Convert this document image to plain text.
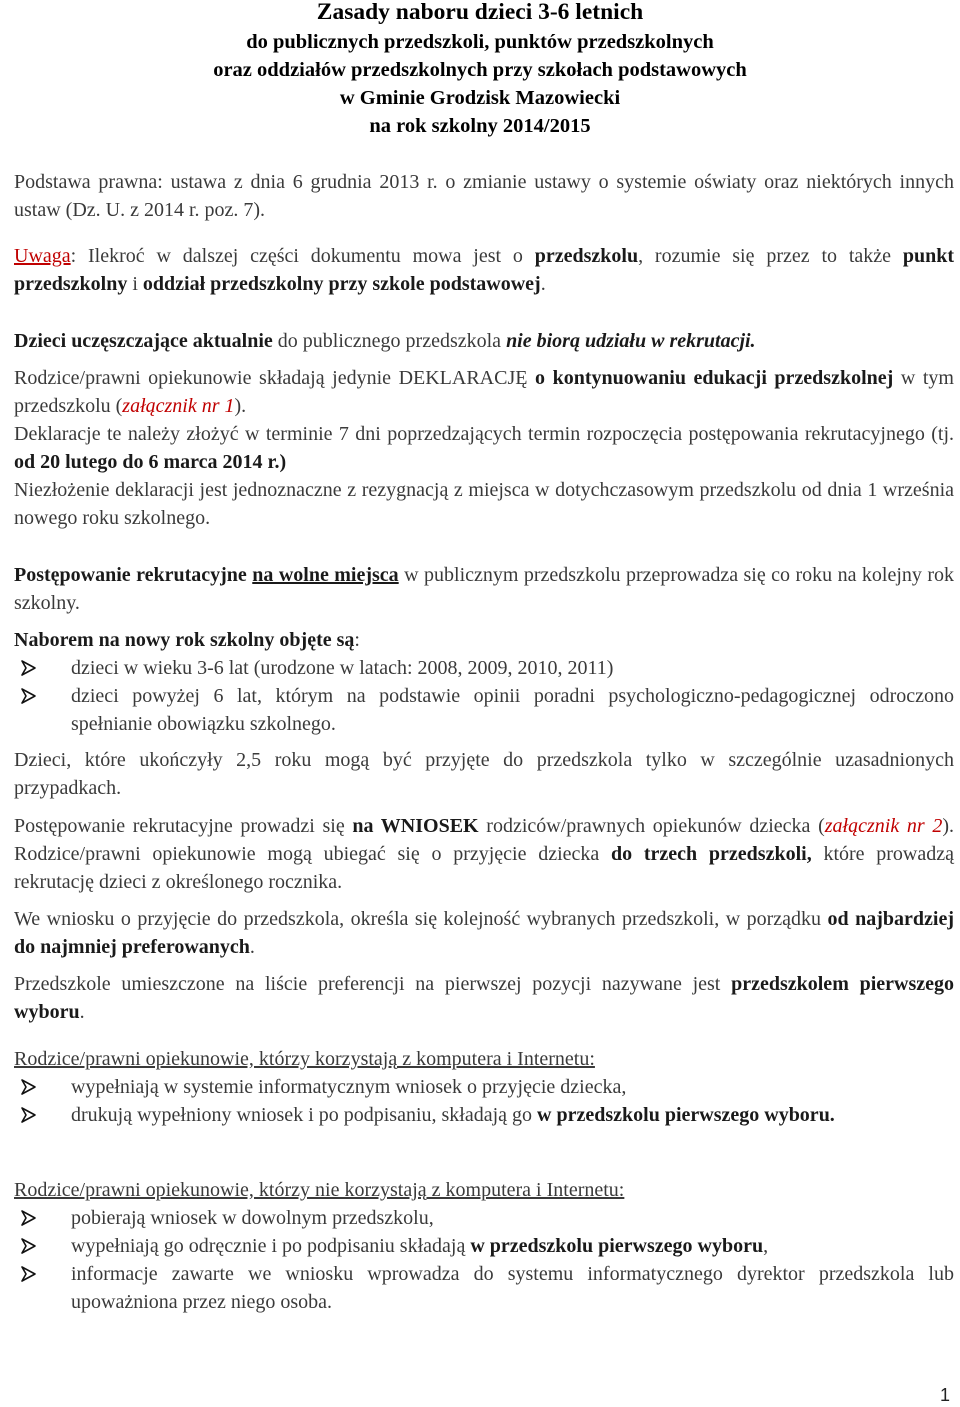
Zasady naboru dzieci 3-6 letnich
do publicznych przedszkoli, punktów przedszkolnych
oraz oddziałów przedszkolnych przy szkołach podstawowych
w Gminie Grodzisk Mazowiecki
na rok szkolny 2014/2015
Podstawa prawna: ustawa z dnia 6 grudnia 2013 r. o zmianie ustawy o systemie oświaty oraz niektórych innych ustaw (Dz. U. z 2014 r. poz. 7).
Uwaga: Ilekroć w dalszej części dokumentu mowa jest o przedszkolu, rozumie się przez to także punkt przedszkolny i oddział przedszkolny przy szkole podstawowej.
Dzieci uczęszczające aktualnie do publicznego przedszkola nie biorą udziału w rekrutacji.
Rodzice/prawni opiekunowie składają jedynie DEKLARACJĘ o kontynuowaniu edukacji przedszkolnej w tym przedszkolu (załącznik nr 1).
Deklaracje te należy złożyć w terminie 7 dni poprzedzających termin rozpoczęcia postępowania rekrutacyjnego (tj. od 20 lutego do 6 marca 2014 r.)
Niezłożenie deklaracji jest jednoznaczne z rezygnacją z miejsca w dotychczasowym przedszkolu od dnia 1 września nowego roku szkolnego.
Postępowanie rekrutacyjne na wolne miejsca w publicznym przedszkolu przeprowadza się co roku na kolejny rok szkolny.
Naborem na nowy rok szkolny objęte są:
dzieci w wieku 3-6 lat (urodzone w latach: 2008, 2009, 2010, 2011)
dzieci powyżej 6 lat, którym na podstawie opinii poradni psychologiczno-pedagogicznej odroczono spełnianie obowiązku szkolnego.
Dzieci, które ukończyły 2,5 roku mogą być przyjęte do przedszkola tylko w szczególnie uzasadnionych przypadkach.
Postępowanie rekrutacyjne prowadzi się na WNIOSEK rodziców/prawnych opiekunów dziecka (załącznik nr 2). Rodzice/prawni opiekunowie mogą ubiegać się o przyjęcie dziecka do trzech przedszkoli, które prowadzą rekrutację dzieci z określonego rocznika.
We wniosku o przyjęcie do przedszkola, określa się kolejność wybranych przedszkoli, w porządku od najbardziej do najmniej preferowanych.
Przedszkole umieszczone na liście preferencji na pierwszej pozycji nazywane jest przedszkolem pierwszego wyboru.
Rodzice/prawni opiekunowie, którzy korzystają z komputera i Internetu:
wypełniają w systemie informatycznym wniosek o przyjęcie dziecka,
drukują wypełniony wniosek i po podpisaniu, składają go w przedszkolu pierwszego wyboru.
Rodzice/prawni opiekunowie, którzy nie korzystają z komputera i Internetu:
pobierają wniosek w dowolnym przedszkolu,
wypełniają go odręcznie i po podpisaniu składają w przedszkolu pierwszego wyboru,
informacje zawarte we wniosku wprowadza do systemu informatycznego dyrektor przedszkola lub upoważniona przez niego osoba.
1
